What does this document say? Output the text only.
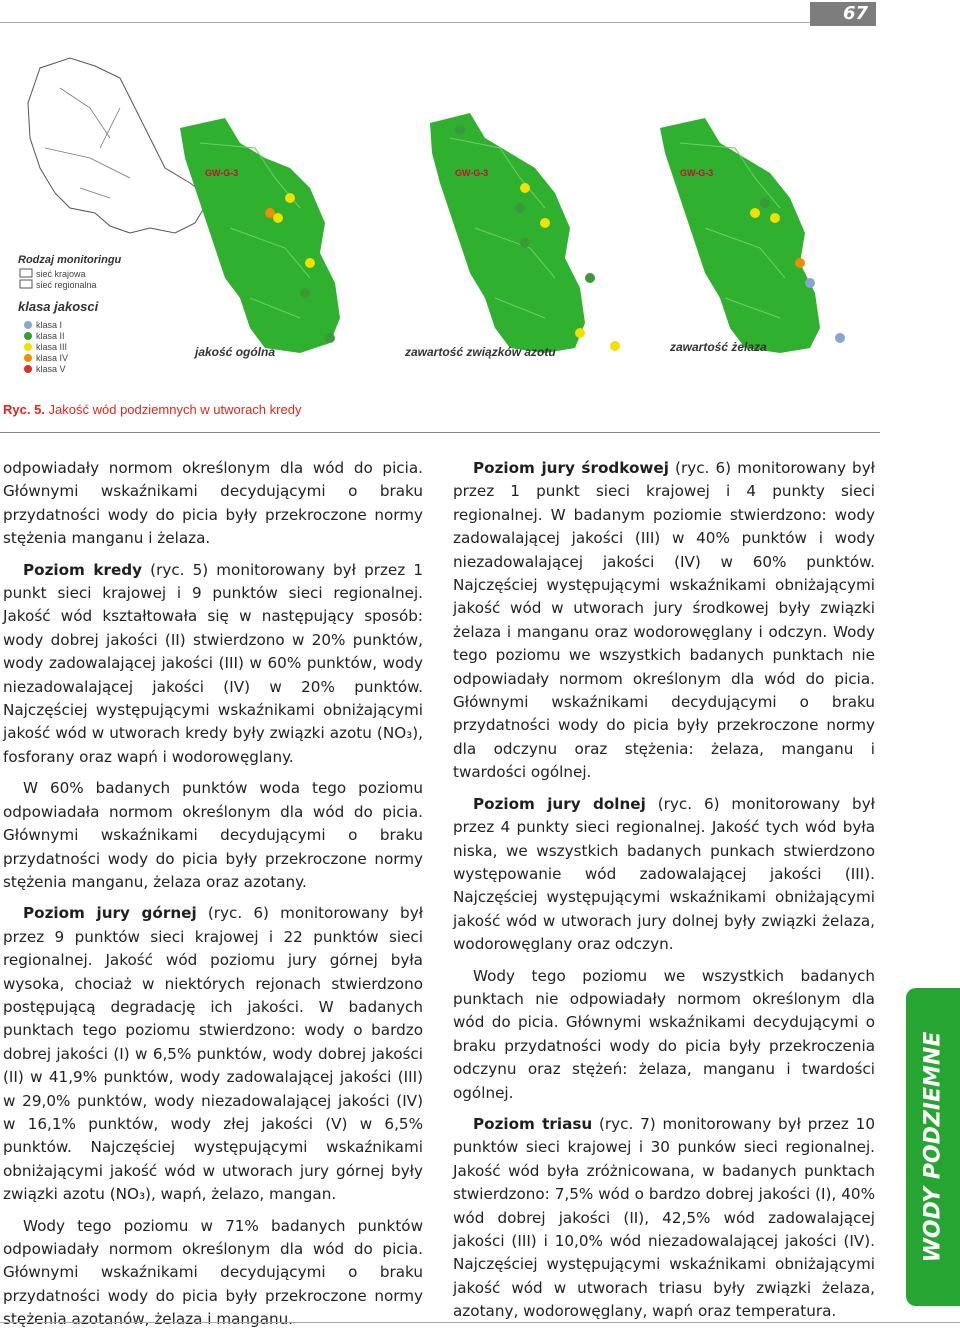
67
Rodzaj monitoringu
sieć krajowa
sieć regionalna
klasa jakosci
klasa I
klasa II
klasa III
klasa IV
klasa V
GW-G-3
jakość ogólna
GW-G-3
zawartość związków azotu
GW-G-3
zawartość żelaza
Ryc. 5. Jakość wód podziemnych w utworach kredy

odpowiadały normom określonym dla wód do picia. Głównymi wskaźnikami decydującymi o braku przydatności wody do picia były przekroczone normy stężenia manganu i żelaza.

Poziom kredy (ryc. 5) monitorowany był przez 1 punkt sieci krajowej i 9 punktów sieci regionalnej. Jakość wód kształtowała się w następujący sposób: wody dobrej jakości (II) stwierdzono w 20% punktów, wody zadowalającej jakości (III) w 60% punktów, wody niezadowalającej jakości (IV) w 20% punktów. Najczęściej występującymi wskaźnikami obniżającymi jakość wód w utworach kredy były związki azotu (NO₃), fosforany oraz wapń i wodorowęglany.

W 60% badanych punktów woda tego poziomu odpowiadała normom określonym dla wód do picia. Głównymi wskaźnikami decydującymi o braku przydatności wody do picia były przekroczone normy stężenia manganu, żelaza oraz azotany.

Poziom jury górnej (ryc. 6) monitorowany był przez 9 punktów sieci krajowej i 22 punktów sieci regionalnej. Jakość wód poziomu jury górnej była wysoka, chociaż w niektórych rejonach stwierdzono postępującą degradację ich jakości. W badanych punktach tego poziomu stwierdzono: wody o bardzo dobrej jakości (I) w 6,5% punktów, wody dobrej jakości (II) w 41,9% punktów, wody zadowalającej jakości (III) w 29,0% punktów, wody niezadowalającej jakości (IV) w 16,1% punktów, wody złej jakości (V) w 6,5% punktów. Najczęściej występującymi wskaźnikami obniżającymi jakość wód w utworach jury górnej były związki azotu (NO₃), wapń, żelazo, mangan.

Wody tego poziomu w 71% badanych punktów odpowiadały normom określonym dla wód do picia. Głównymi wskaźnikami decydującymi o braku przydatności wody do picia były przekroczone normy stężenia azotanów, żelaza i manganu.

Poziom jury środkowej (ryc. 6) monitorowany był przez 1 punkt sieci krajowej i 4 punkty sieci regionalnej. W badanym poziomie stwierdzono: wody zadowalającej jakości (III) w 40% punktów i wody niezadowalającej jakości (IV) w 60% punktów. Najczęściej występującymi wskaźnikami obniżającymi jakość wód w utworach jury środkowej były związki żelaza i manganu oraz wodorowęglany i odczyn. Wody tego poziomu we wszystkich badanych punktach nie odpowiadały normom określonym dla wód do picia. Głównymi wskaźnikami decydującymi o braku przydatności wody do picia były przekroczone normy dla odczynu oraz stężenia: żelaza, manganu i twardości ogólnej.

Poziom jury dolnej (ryc. 6) monitorowany był przez 4 punkty sieci regionalnej. Jakość tych wód była niska, we wszystkich badanych punkach stwierdzono występowanie wód zadowalającej jakości (III). Najczęściej występującymi wskaźnikami obniżającymi jakość wód w utworach jury dolnej były związki żelaza, wodorowęglany oraz odczyn.

Wody tego poziomu we wszystkich badanych punktach nie odpowiadały normom określonym dla wód do picia. Głównymi wskaźnikami decydującymi o braku przydatności wody do picia były przekroczenia odczynu oraz stężeń: żelaza, manganu i twardości ogólnej.

Poziom triasu (ryc. 7) monitorowany był przez 10 punktów sieci krajowej i 30 punków sieci regionalnej. Jakość wód była zróżnicowana, w badanych punktach stwierdzono: 7,5% wód o bardzo dobrej jakości (I), 40% wód dobrej jakości (II), 42,5% wód zadowalającej jakości (III) i 10,0% wód niezadowalającej jakości (IV). Najczęściej występującymi wskaźnikami obniżającymi jakość wód w utworach triasu były związki żelaza, azotany, wodorowęglany, wapń oraz temperatura.

WODY PODZIEMNE
